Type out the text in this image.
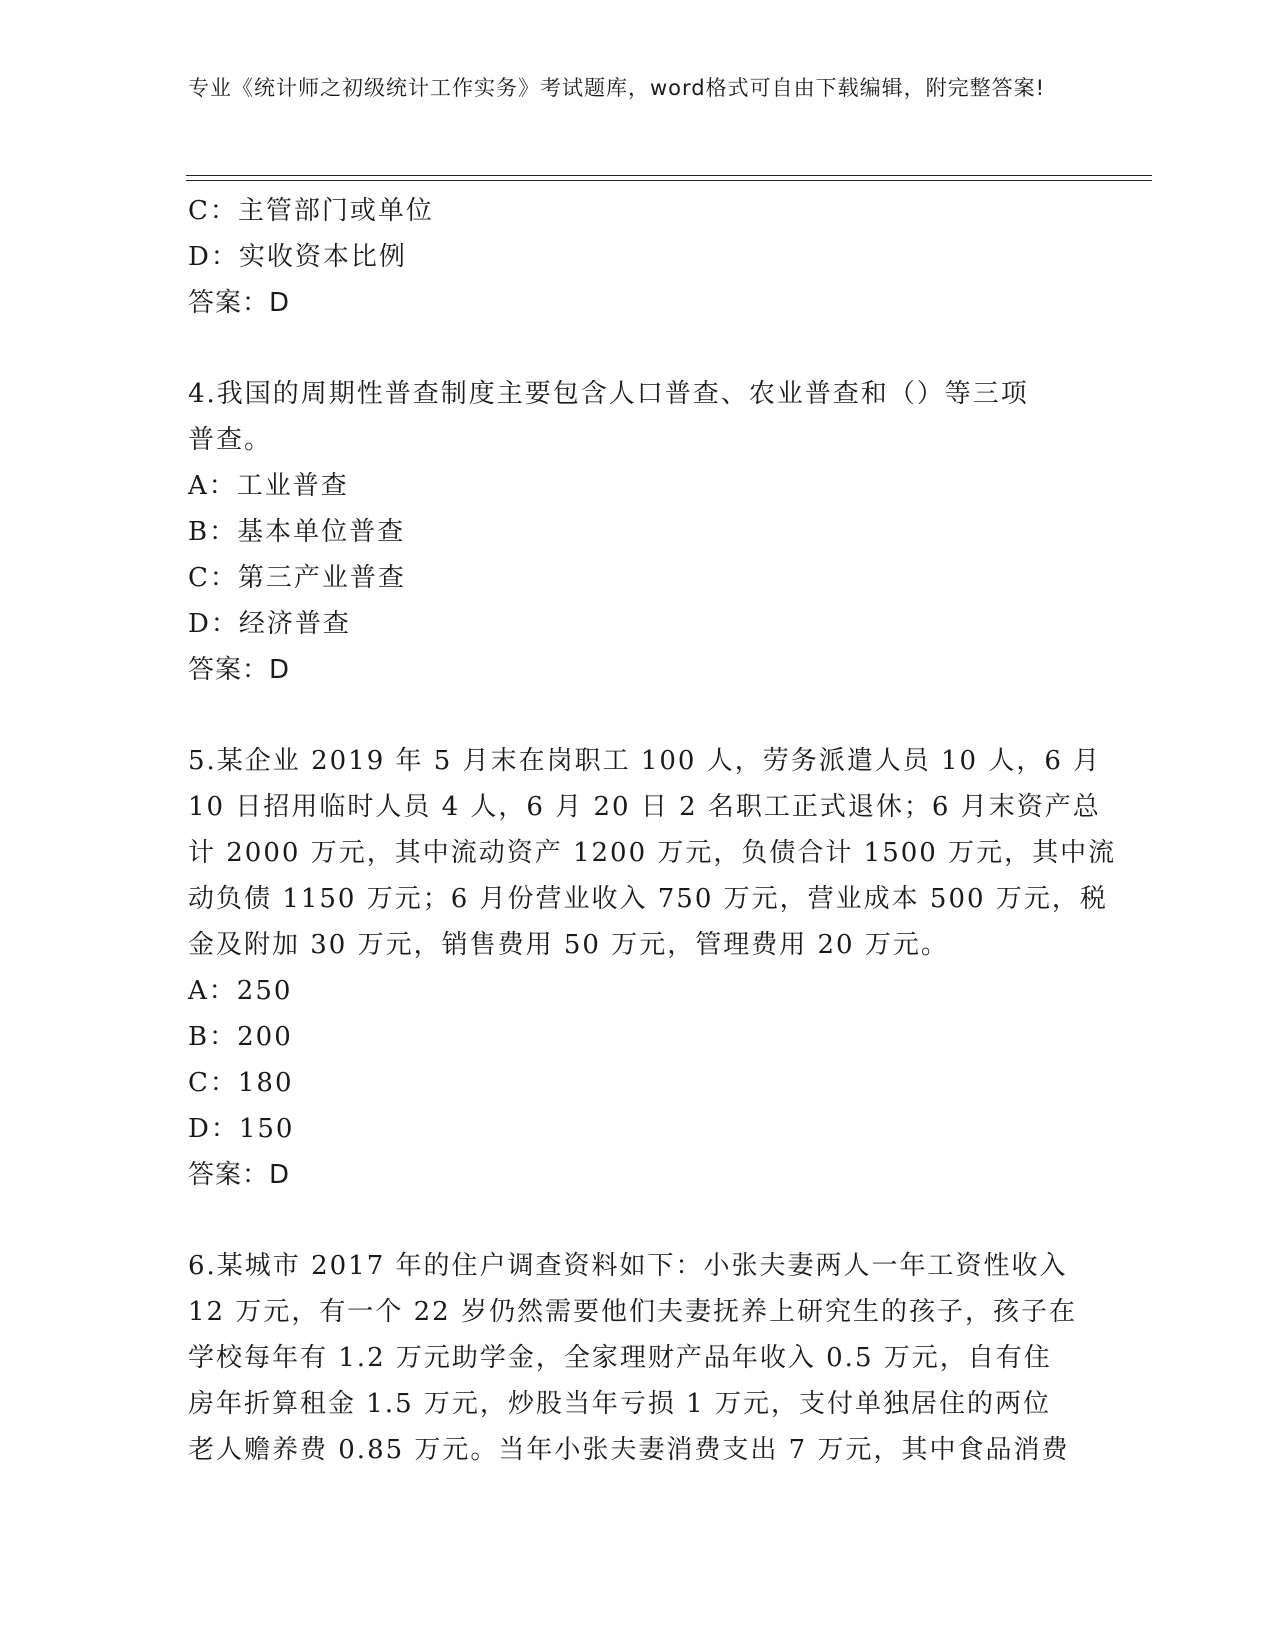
专业《统计师之初级统计工作实务》考试题库，word格式可自由下载编辑，附完整答案!
C：主管部门或单位
D：实收资本比例
答案：D
4.我国的周期性普查制度主要包含人口普查、农业普查和（）等三项
普查。
A：工业普查
B：基本单位普查
C：第三产业普查
D：经济普查
答案：D
5.某企业 2019 年 5 月末在岗职工 100 人，劳务派遣人员 10 人，6 月
10 日招用临时人员 4 人，6 月 20 日 2 名职工正式退休；6 月末资产总
计 2000 万元，其中流动资产 1200 万元，负债合计 1500 万元，其中流
动负债 1150 万元；6 月份营业收入 750 万元，营业成本 500 万元，税
金及附加 30 万元，销售费用 50 万元，管理费用 20 万元。
A：250
B：200
C：180
D：150
答案：D
6.某城市 2017 年的住户调查资料如下：小张夫妻两人一年工资性收入
12 万元，有一个 22 岁仍然需要他们夫妻抚养上研究生的孩子，孩子在
学校每年有 1.2 万元助学金，全家理财产品年收入 0.5 万元，自有住
房年折算租金 1.5 万元，炒股当年亏损 1 万元，支付单独居住的两位
老人赡养费 0.85 万元。当年小张夫妻消费支出 7 万元，其中食品消费
